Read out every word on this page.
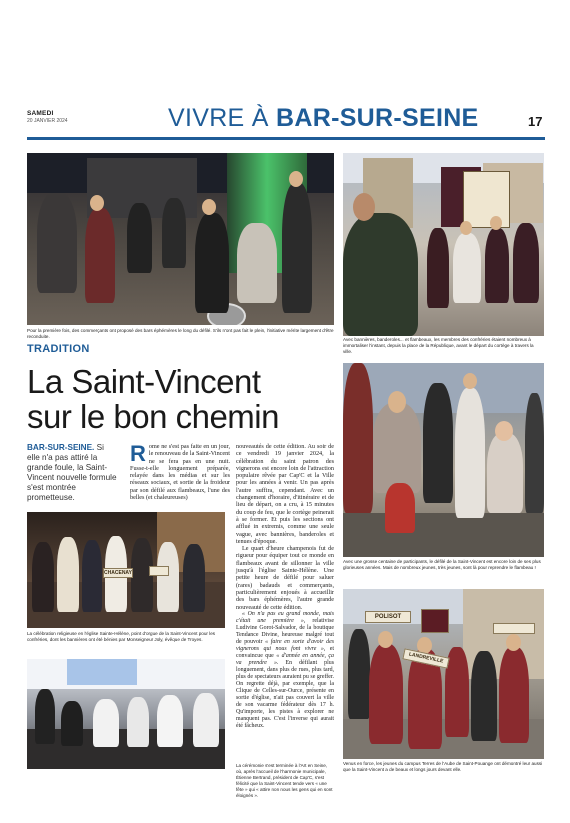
SAMEDI
20 JANVIER 2024	VIVRE À BAR-SUR-SEINE	17
Pour la première fois, des commerçants ont proposé des bars éphémères le long du défilé. S'ils n'ont pas fait le plein, l'initiative mérite largement d'être reconduite.
Avec bannières, banderoles... et flambeaux, les membres des confréries étaient nombreux à immortaliser l'instant, depuis la place de la République, avant le départ du cortège à travers la ville.
TRADITION
La Saint-Vincent
sur le bon chemin
BAR-SUR-SEINE. Si elle n'a pas attiré la grande foule, la Saint-Vincent nouvelle formule s'est montrée prometteuse.
R ome ne s'est pas faite en un jour, le renouveau de la Saint-Vincent ne se fera pas en une nuit. Fusse-t-elle longuement préparée, relayée dans les médias et sur les réseaux sociaux, et sortie de la froideur par son défilé aux flambeaux, l'une des belles (et chaleureuses)

nouveautés de cette édition. Au soir de ce vendredi 19 janvier 2024, la célébration du saint patron des vignerons est encore loin de l'attraction populaire rêvée par Cap'C et la Ville pour les années à venir. Un pas après l'autre suffira, cependant. Avec un changement d'horaire, d'itinéraire et de lieu de départ, on a cru, à 15 minutes du coup de feu, que le cortège peinerait à se former. Et puis les sections ont afflué in extremis, comme une seule vague, avec bannières, banderoles et tenues d'époque.

Le quart d'heure champenois fut de rigueur pour équiper tout ce monde en flambeaux avant de sillonner la ville jusqu'à l'église Sainte-Hélène. Une petite heure de défilé pour saluer (rares) badauds et commerçants, particulièrement enjoués à accueillir des bars éphémères, l'autre grande nouveauté de cette édition.

« On n'a pas eu grand monde, mais c'était une première », relativise Ludivine Gorot-Salvador, de la boutique Tendance Divine, heureuse malgré tout de pouvoir « faire en sorte d'avoir des vignerons qui nous font vivre », et convaincue que « d'année en année, ça va prendre ». En défilant plus longuement, dans plus de rues, plus tard, plus de spectateurs auraient pu se greffer. On regrette déjà, par exemple, que la Clique de Celles-sur-Ource, présente en sortie d'église, n'ait pas couvert la ville de son vacarme fédérateur dès 17 h. Qu'importe, les pistes à explorer ne manquent pas. C'est l'inverse qui aurait été fâcheux.

CHACENAY
La célébration religieuse en l'église Sainte-Hélène, point d'orgue de la Saint-Vincent pour les confréries, dont les bannières ont été bénies par Monseigneur Joly, évêque de Troyes.
La cérémonie s'est terminée à l'Art en Seine, où, après l'accueil de l'harmonie municipale, Étienne Bertrand, président de Cap'C, s'est félicité que la Saint-Vincent tende vers « une fête » qui « attire non nous les gens qui en sont éloignés ».
Avec une grosse centaine de participants, le défilé de la Saint-Vincent est encore loin de ses plus glorieuses années. Mais de nombreux jeunes, très jeunes, sont là pour reprendre le flambeau !
POLISOT
LANDREVILLE
Venus en force, les jeunes du campus Terres de l'Aube de Saint-Pouange ont démontré leur aussi que la Saint-Vincent a de beaux et longs jours devant elle.
